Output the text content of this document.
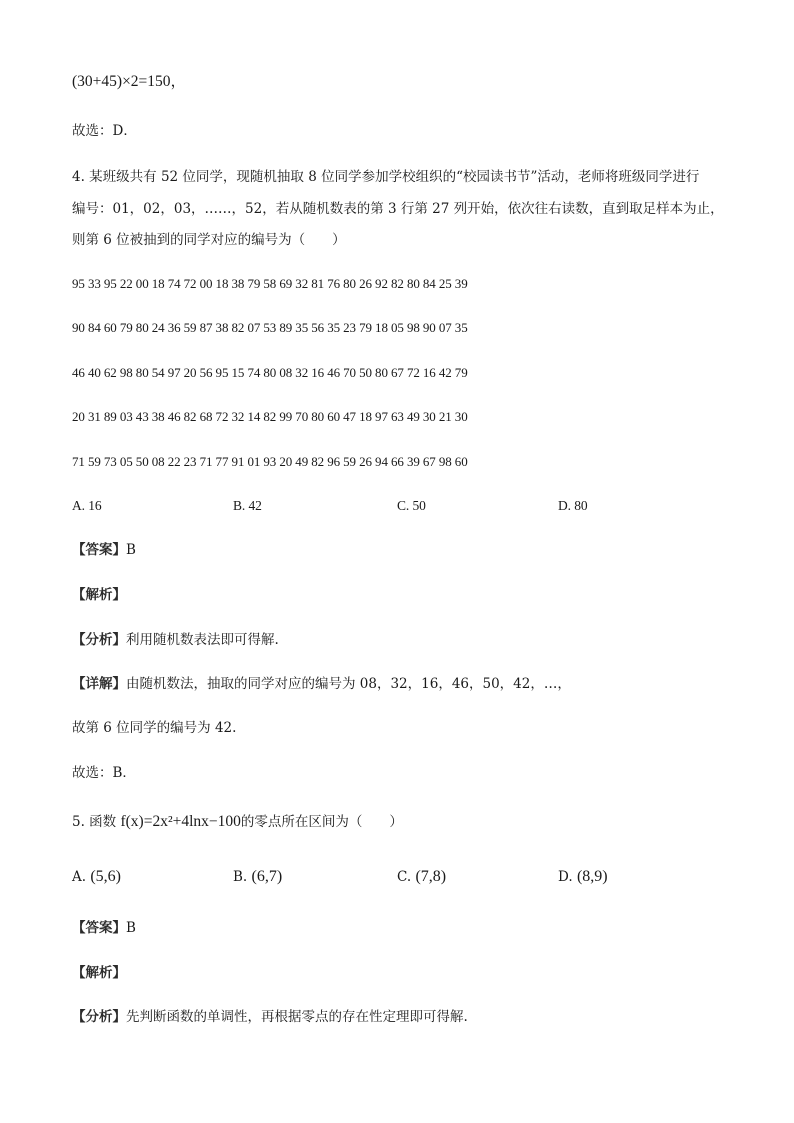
(30+45)×2=150，
故选：D．
4. 某班级共有 52 位同学，现随机抽取 8 位同学参加学校组织的“校园读书节”活动，老师将班级同学进行
编号：01，02，03，……，52，若从随机数表的第 3 行第 27 列开始，依次往右读数，直到取足样本为止，
则第 6 位被抽到的同学对应的编号为（　　）
95 33 95 22 00 18 74 72 00 18 38 79 58 69 32 81 76 80 26 92 82 80 84 25 39
90 84 60 79 80 24 36 59 87 38 82 07 53 89 35 56 35 23 79 18 05 98 90 07 35
46 40 62 98 80 54 97 20 56 95 15 74 80 08 32 16 46 70 50 80 67 72 16 42 79
20 31 89 03 43 38 46 82 68 72 32 14 82 99 70 80 60 47 18 97 63 49 30 21 30
71 59 73 05 50 08 22 23 71 77 91 01 93 20 49 82 96 59 26 94 66 39 67 98 60
A. 16	B. 42	C. 50	D. 80
【答案】B
【解析】
【分析】利用随机数表法即可得解.
【详解】由随机数法，抽取的同学对应的编号为 08，32，16，46，50，42，…，
故第 6 位同学的编号为 42.
故选：B．
5. 函数 f(x)=2x²+4lnx−100的零点所在区间为（　　）
A. (5,6)	B. (6,7)	C. (7,8)	D. (8,9)
【答案】B
【解析】
【分析】先判断函数的单调性，再根据零点的存在性定理即可得解.
